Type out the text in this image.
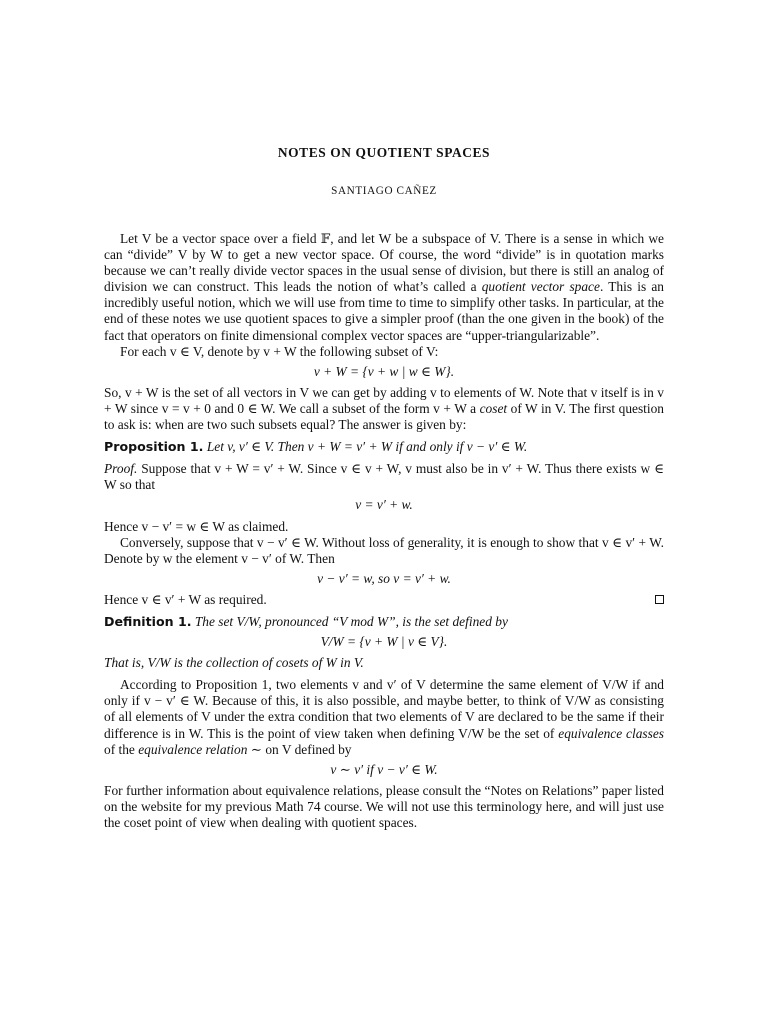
NOTES ON QUOTIENT SPACES
SANTIAGO CAÑEZ

Let V be a vector space over a field 𝔽, and let W be a subspace of V. There is a sense in which we can “divide” V by W to get a new vector space. Of course, the word “divide” is in quotation marks because we can’t really divide vector spaces in the usual sense of division, but there is still an analog of division we can construct. This leads the notion of what’s called a quotient vector space. This is an incredibly useful notion, which we will use from time to time to simplify other tasks. In particular, at the end of these notes we use quotient spaces to give a simpler proof (than the one given in the book) of the fact that operators on finite dimensional complex vector spaces are “upper-triangularizable”.

For each v ∈ V, denote by v + W the following subset of V:

v + W = {v + w | w ∈ W}.

So, v + W is the set of all vectors in V we can get by adding v to elements of W. Note that v itself is in v + W since v = v + 0 and 0 ∈ W. We call a subset of the form v + W a coset of W in V. The first question to ask is: when are two such subsets equal? The answer is given by:

Proposition 1. Let v, v′ ∈ V. Then v + W = v′ + W if and only if v − v′ ∈ W.

Proof. Suppose that v + W = v′ + W. Since v ∈ v + W, v must also be in v′ + W. Thus there exists w ∈ W so that

v = v′ + w.

Hence v − v′ = w ∈ W as claimed.

Conversely, suppose that v − v′ ∈ W. Without loss of generality, it is enough to show that v ∈ v′ + W. Denote by w the element v − v′ of W. Then

v − v′ = w, so v = v′ + w.

Hence v ∈ v′ + W as required.

Definition 1. The set V/W, pronounced “V mod W”, is the set defined by

V/W = {v + W | v ∈ V}.

That is, V/W is the collection of cosets of W in V.

According to Proposition 1, two elements v and v′ of V determine the same element of V/W if and only if v − v′ ∈ W. Because of this, it is also possible, and maybe better, to think of V/W as consisting of all elements of V under the extra condition that two elements of V are declared to be the same if their difference is in W. This is the point of view taken when defining V/W be the set of equivalence classes of the equivalence relation ∼ on V defined by

v ∼ v′ if v − v′ ∈ W.

For further information about equivalence relations, please consult the “Notes on Relations” paper listed on the website for my previous Math 74 course. We will not use this terminology here, and will just use the coset point of view when dealing with quotient spaces.
